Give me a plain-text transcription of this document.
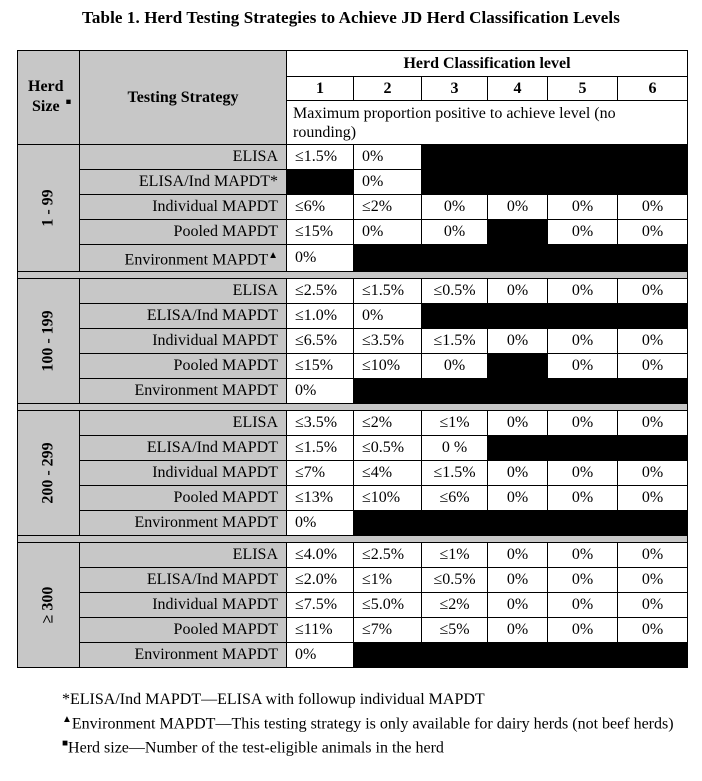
Table 1. Herd Testing Strategies to Achieve JD Herd Classification Levels
Herd Size ■	Testing Strategy	Herd Classification level					
		1	2	3	4	5	6
		Maximum proportion positive to achieve level (no rounding)					
1 - 99	ELISA	≤1.5%	0%				
	ELISA/Ind MAPDT*		0%				
	Individual MAPDT	≤6%	≤2%	0%	0%	0%	0%
	Pooled MAPDT	≤15%	0%	0%		0%	0%
	Environment MAPDT▲	0%					

100 - 199	ELISA	≤2.5%	≤1.5%	≤0.5%	0%	0%	0%
	ELISA/Ind MAPDT	≤1.0%	0%				
	Individual MAPDT	≤6.5%	≤3.5%	≤1.5%	0%	0%	0%
	Pooled MAPDT	≤15%	≤10%	0%		0%	0%
	Environment MAPDT	0%					

200 - 299	ELISA	≤3.5%	≤2%	≤1%	0%	0%	0%
	ELISA/Ind MAPDT	≤1.5%	≤0.5%	0 %			
	Individual MAPDT	≤7%	≤4%	≤1.5%	0%	0%	0%
	Pooled MAPDT	≤13%	≤10%	≤6%	0%	0%	0%
	Environment MAPDT	0%					

≥ 300	ELISA	≤4.0%	≤2.5%	≤1%	0%	0%	0%
	ELISA/Ind MAPDT	≤2.0%	≤1%	≤0.5%	0%	0%	0%
	Individual MAPDT	≤7.5%	≤5.0%	≤2%	0%	0%	0%
	Pooled MAPDT	≤11%	≤7%	≤5%	0%	0%	0%
	Environment MAPDT	0%					
*ELISA/Ind MAPDT—ELISA with followup individual MAPDT
▲Environment MAPDT—This testing strategy is only available for dairy herds (not beef herds)
■Herd size—Number of the test-eligible animals in the herd
